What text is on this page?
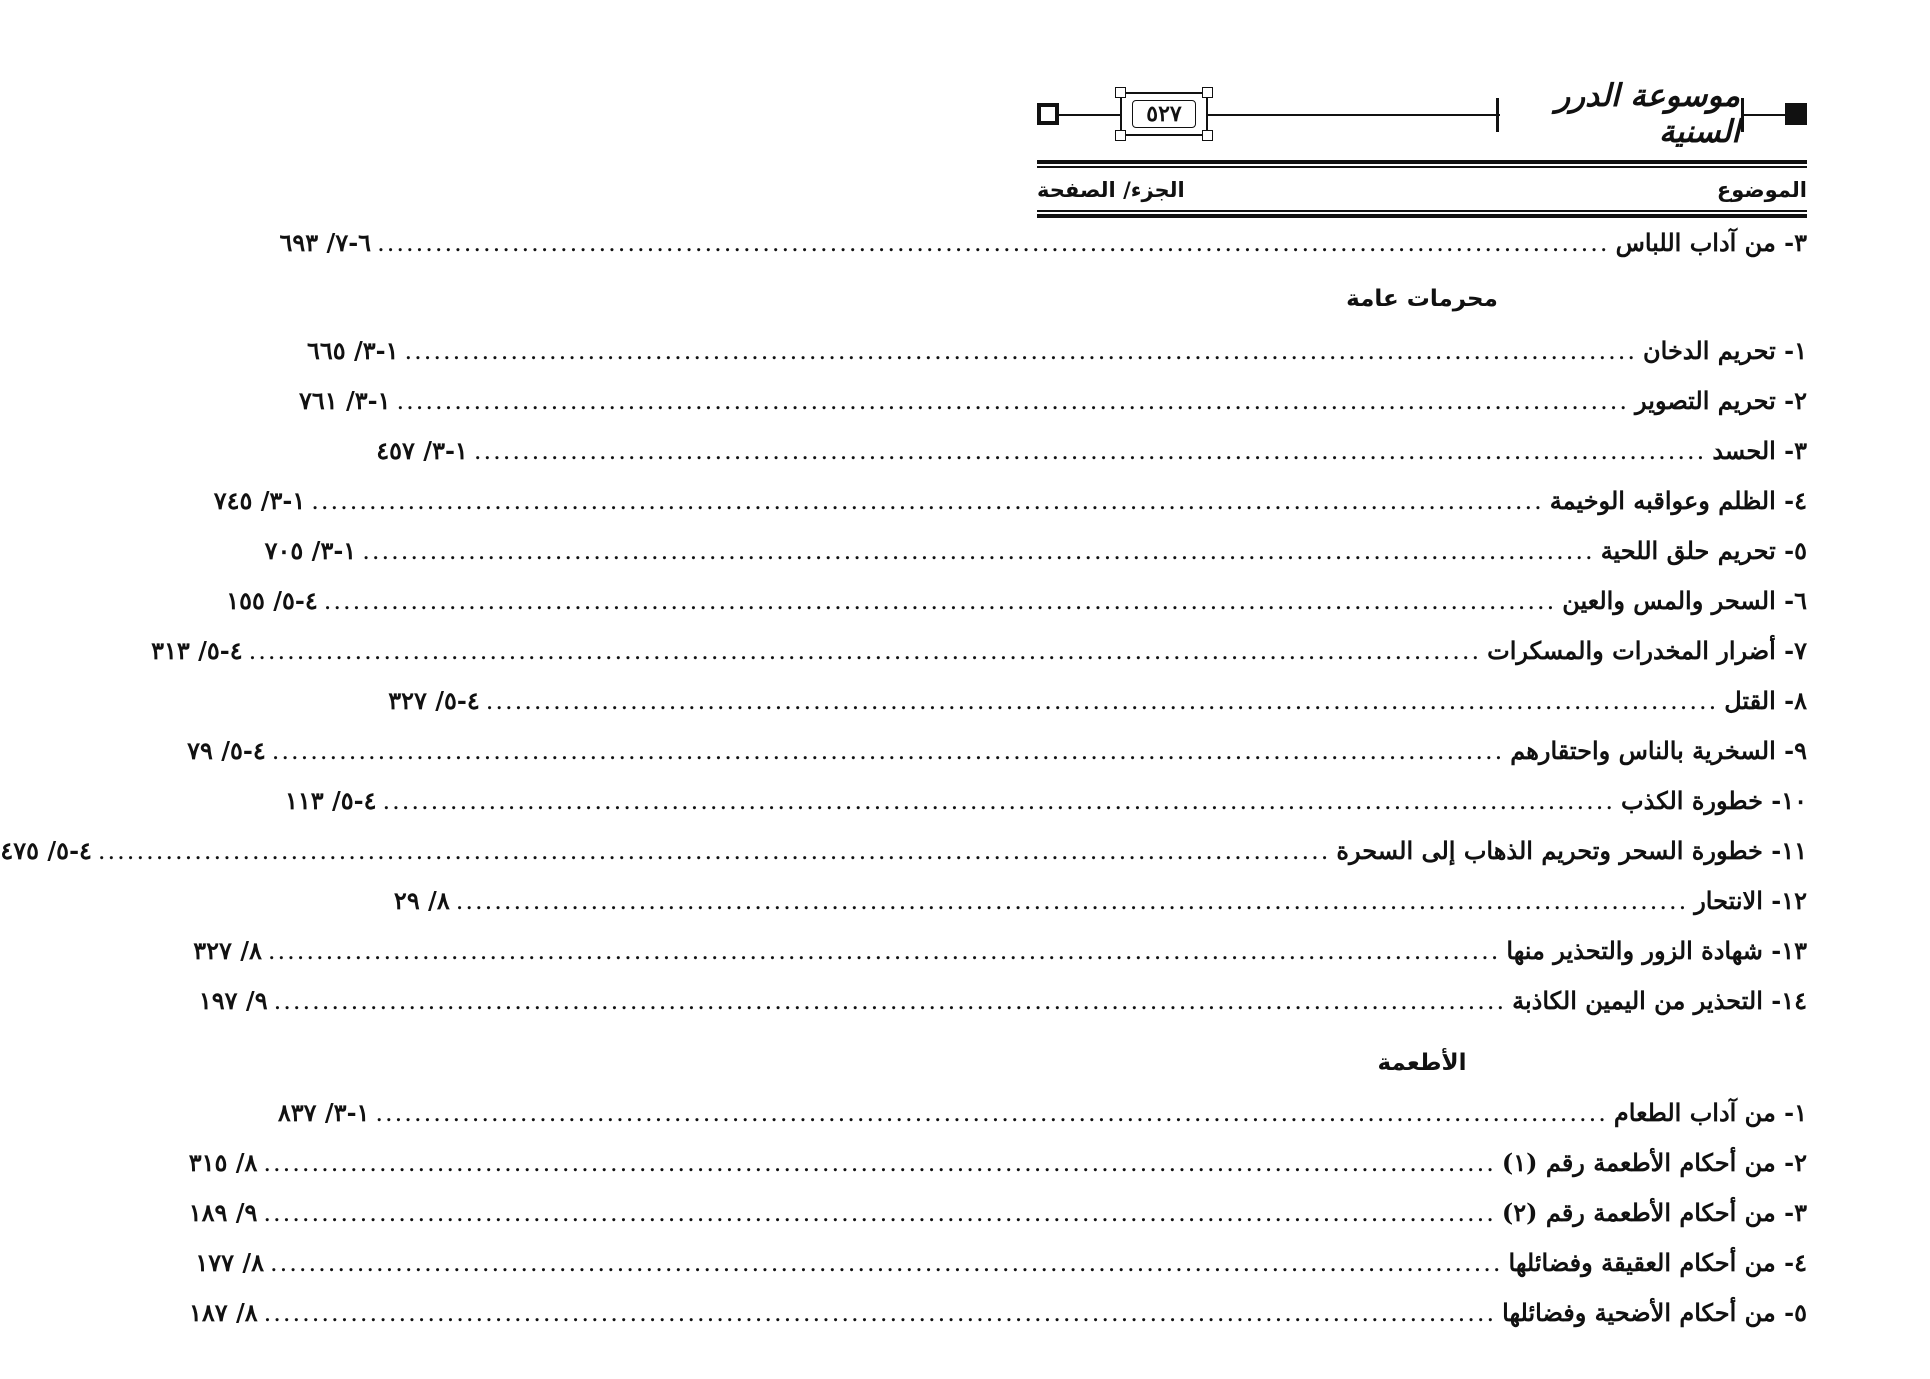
٥٢٧	موسوعة الدرر السنية
الموضوع
الجزء/ الصفحة
٣- من آداب اللباس
................................................................................................................................
٦-٧/ ٦٩٣
محرمات عامة
١- تحريم الدخان
................................................................................................................................
١-٣/ ٦٦٥
٢- تحريم التصوير
................................................................................................................................
١-٣/ ٧٦١
٣- الحسد
................................................................................................................................
١-٣/ ٤٥٧
٤- الظلم وعواقبه الوخيمة
................................................................................................................................
١-٣/ ٧٤٥
٥- تحريم حلق اللحية
................................................................................................................................
١-٣/ ٧٠٥
٦- السحر والمس والعين
................................................................................................................................
٤-٥/ ١٥٥
٧- أضرار المخدرات والمسكرات
................................................................................................................................
٤-٥/ ٣١٣
٨- القتل
................................................................................................................................
٤-٥/ ٣٢٧
٩- السخرية بالناس واحتقارهم
................................................................................................................................
٤-٥/ ٧٩
١٠- خطورة الكذب
................................................................................................................................
٤-٥/ ١١٣
١١- خطورة السحر وتحريم الذهاب إلى السحرة
................................................................................................................................
٤-٥/ ٤٧٥
١٢- الانتحار
................................................................................................................................
٨/ ٢٩
١٣- شهادة الزور والتحذير منها
................................................................................................................................
٨/ ٣٢٧
١٤- التحذير من اليمين الكاذبة
................................................................................................................................
٩/ ١٩٧
الأطعمة
١- من آداب الطعام
................................................................................................................................
١-٣/ ٨٣٧
٢- من أحكام الأطعمة رقم (١)
................................................................................................................................
٨/ ٣١٥
٣- من أحكام الأطعمة رقم (٢)
................................................................................................................................
٩/ ١٨٩
٤- من أحكام العقيقة وفضائلها
................................................................................................................................
٨/ ١٧٧
٥- من أحكام الأضحية وفضائلها
................................................................................................................................
٨/ ١٨٧
